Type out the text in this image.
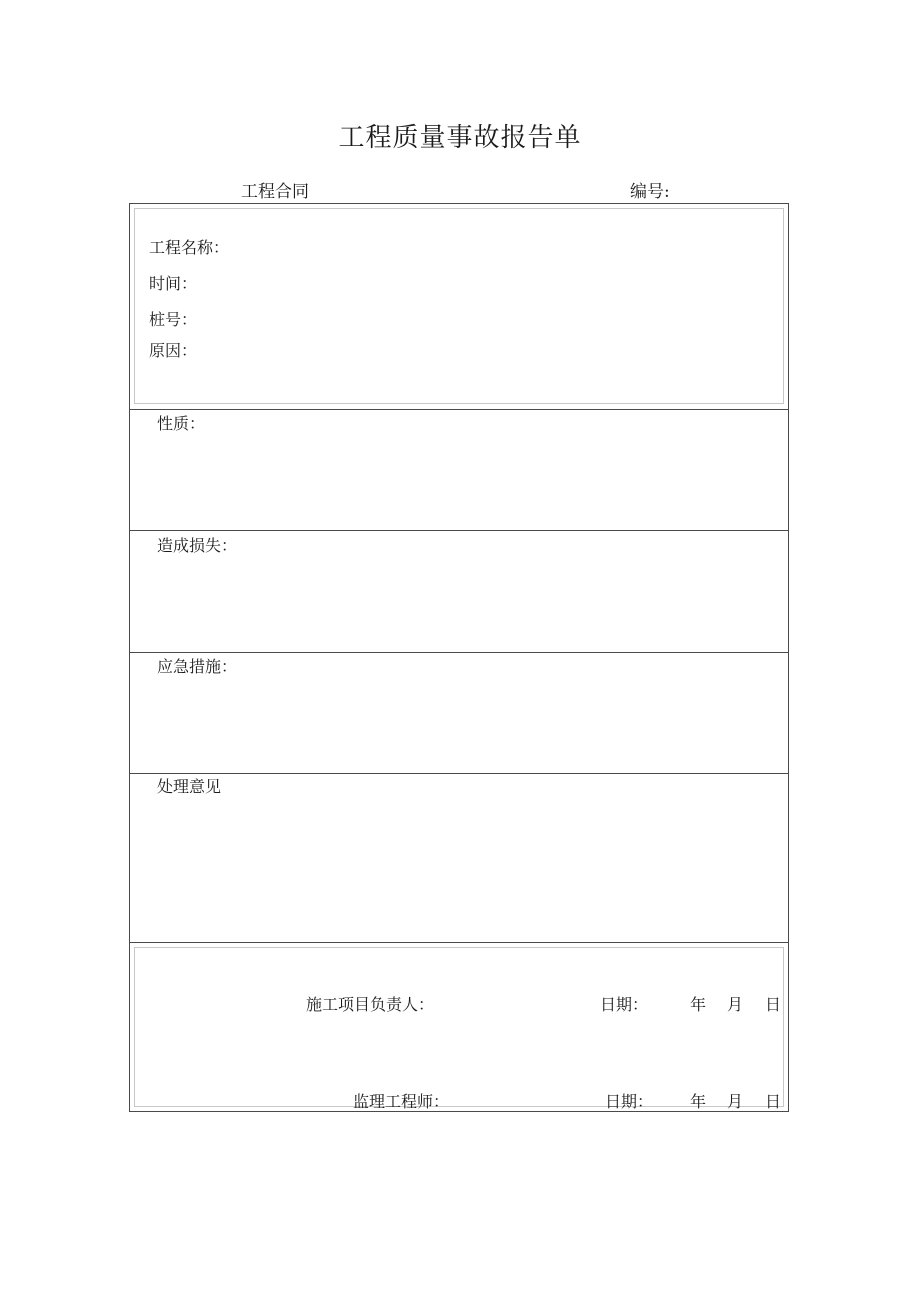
工程质量事故报告单
工程合同	编号:
工程名称：
时间：
桩号：
原因：
性质：
造成损失：
应急措施：
处理意见
施工项目负责人：	日期：	年 月 日
监理工程师：	日期： 年 月 日
